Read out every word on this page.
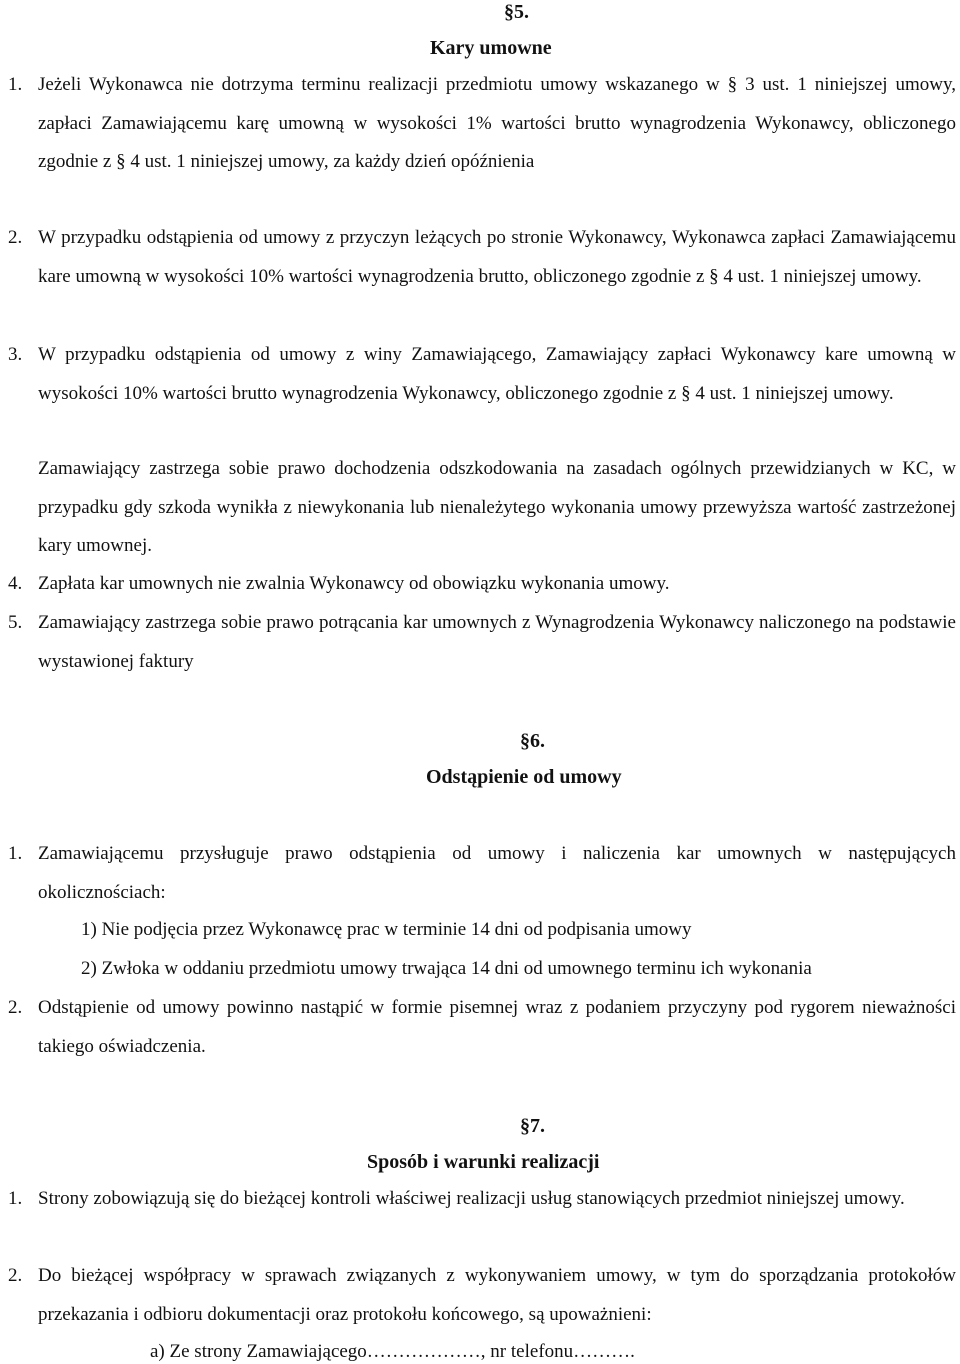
§5.
Kary umowne
1. Jeżeli Wykonawca nie dotrzyma terminu realizacji przedmiotu umowy wskazanego w § 3 ust. 1 niniejszej umowy, zapłaci Zamawiającemu karę umowną w wysokości 1% wartości brutto wynagrodzenia Wykonawcy, obliczonego zgodnie z § 4 ust. 1 niniejszej umowy, za każdy dzień opóźnienia
2. W przypadku odstąpienia od umowy z przyczyn leżących po stronie Wykonawcy, Wykonawca zapłaci Zamawiającemu kare umowną w wysokości 10% wartości wynagrodzenia brutto, obliczonego zgodnie z § 4 ust. 1 niniejszej umowy.
3. W przypadku odstąpienia od umowy z winy Zamawiającego, Zamawiający zapłaci Wykonawcy kare umowną w wysokości 10% wartości brutto wynagrodzenia Wykonawcy, obliczonego zgodnie z § 4 ust. 1 niniejszej umowy.
Zamawiający zastrzega sobie prawo dochodzenia odszkodowania na zasadach ogólnych przewidzianych w KC, w przypadku gdy szkoda wynikła z niewykonania lub nienależytego wykonania umowy przewyższa wartość zastrzeżonej kary umownej.
4. Zapłata kar umownych nie zwalnia Wykonawcy od obowiązku wykonania umowy.
5. Zamawiający zastrzega sobie prawo potrącania kar umownych z Wynagrodzenia Wykonawcy naliczonego na podstawie wystawionej faktury
§6.
Odstąpienie od umowy
1. Zamawiającemu przysługuje prawo odstąpienia od umowy i naliczenia kar umownych w następujących okolicznościach:
1) Nie podjęcia przez Wykonawcę prac w terminie 14 dni od podpisania umowy
2) Zwłoka w oddaniu przedmiotu umowy trwająca 14 dni od umownego terminu ich wykonania
2. Odstąpienie od umowy powinno nastąpić w formie pisemnej wraz z podaniem przyczyny pod rygorem nieważności takiego oświadczenia.
§7.
Sposób i warunki realizacji
1. Strony zobowiązują się do bieżącej kontroli właściwej realizacji usług stanowiących przedmiot niniejszej umowy.
2. Do bieżącej współpracy w sprawach związanych z wykonywaniem umowy, w tym do sporządzania protokołów przekazania i odbioru dokumentacji oraz protokołu końcowego, są upoważnieni:
a) Ze strony Zamawiającego………………, nr telefonu……….
